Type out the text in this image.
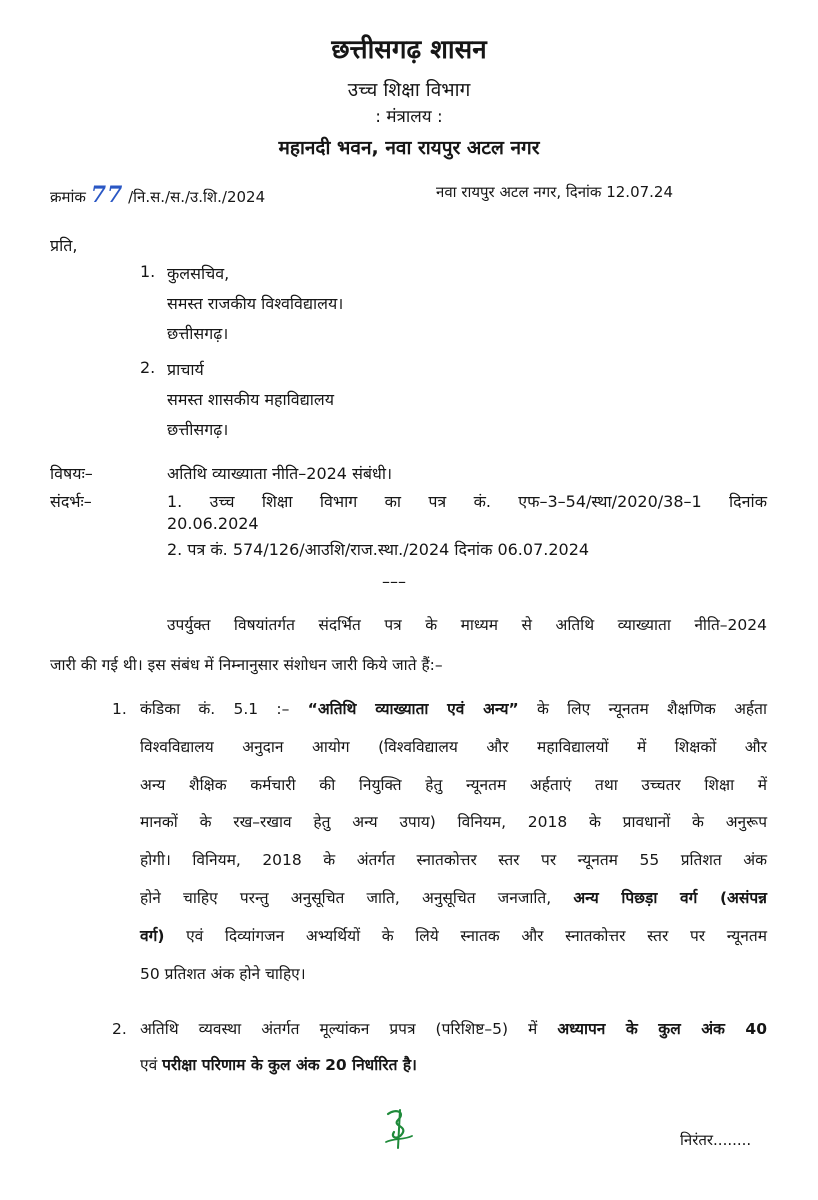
छत्तीसगढ़ शासन
उच्च शिक्षा विभाग
: मंत्रालय :
महानदी भवन, नवा रायपुर अटल नगर
क्रमांक 77 /नि.स./स./उ.शि./2024	नवा रायपुर अटल नगर, दिनांक 12.07.24
प्रति,
1. कुलसचिव,
समस्त राजकीय विश्वविद्यालय।
छत्तीसगढ़।
2. प्राचार्य
समस्त शासकीय महाविद्यालय
छत्तीसगढ़।
विषयः–	अतिथि व्याख्याता नीति–2024 संबंधी।
संदर्भः–	1. उच्च शिक्षा विभाग का पत्र कं. एफ–3–54/स्था/2020/38–1 दिनांक
20.06.2024
2. पत्र कं. 574/126/आउशि/राज.स्था./2024 दिनांक 06.07.2024
–––
उपर्युक्त विषयांतर्गत संदर्भित पत्र के माध्यम से अतिथि व्याख्याता नीति–2024
जारी की गई थी। इस संबंध में निम्नानुसार संशोधन जारी किये जाते हैं:–
1. कंडिका कं. 5.1 :– “अतिथि व्याख्याता एवं अन्य” के लिए न्यूनतम शैक्षणिक अर्हता
विश्वविद्यालय अनुदान आयोग (विश्वविद्यालय और महाविद्यालयों में शिक्षकों और
अन्य शैक्षिक कर्मचारी की नियुक्ति हेतु न्यूनतम अर्हताएं तथा उच्चतर शिक्षा में
मानकों के रख–रखाव हेतु अन्य उपाय) विनियम, 2018 के प्रावधानों के अनुरूप
होगी। विनियम, 2018 के अंतर्गत स्नातकोत्तर स्तर पर न्यूनतम 55 प्रतिशत अंक
होने चाहिए परन्तु अनुसूचित जाति, अनुसूचित जनजाति, अन्य पिछड़ा वर्ग (असंपन्न
वर्ग) एवं दिव्यांगजन अभ्यर्थियों के लिये स्नातक और स्नातकोत्तर स्तर पर न्यूनतम
50 प्रतिशत अंक होने चाहिए।
2. अतिथि व्यवस्था अंतर्गत मूल्यांकन प्रपत्र (परिशिष्ट–5) में अध्यापन के कुल अंक 40
एवं परीक्षा परिणाम के कुल अंक 20 निर्धारित है।
निरंतर........
